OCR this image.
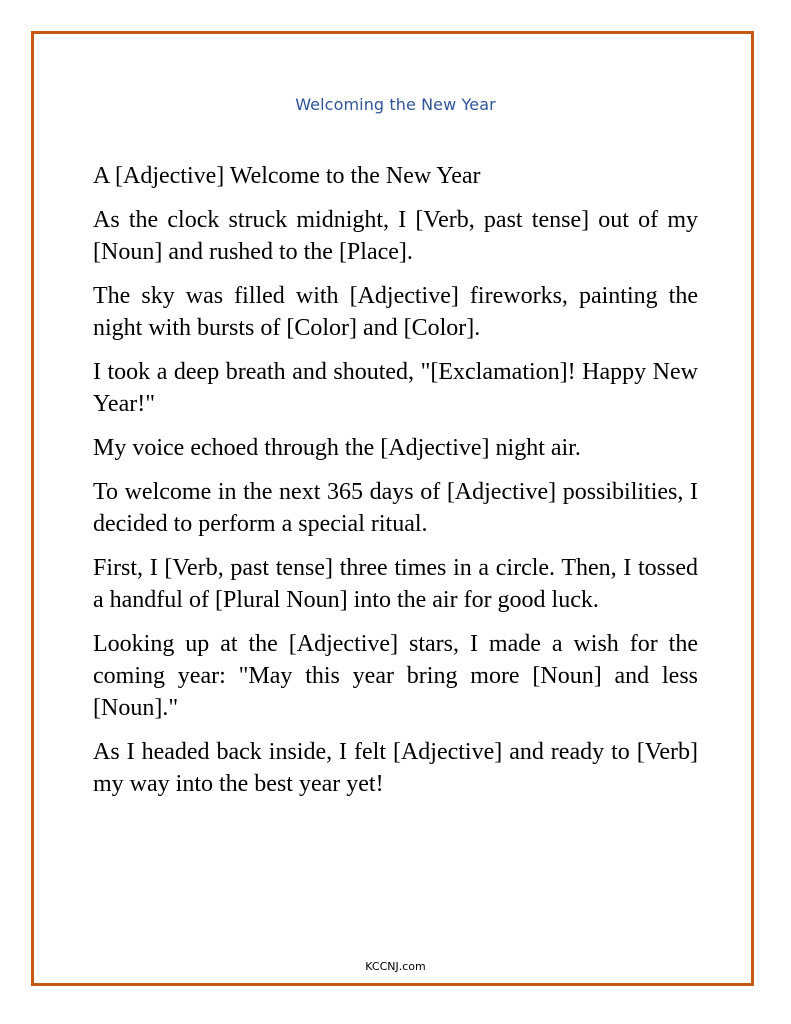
Welcoming the New Year

A [Adjective] Welcome to the New Year

As the clock struck midnight, I [Verb, past tense] out of my [Noun] and rushed to the [Place].

The sky was filled with [Adjective] fireworks, painting the night with bursts of [Color] and [Color].

I took a deep breath and shouted, "[Exclamation]! Happy New Year!"

My voice echoed through the [Adjective] night air.

To welcome in the next 365 days of [Adjective] possibilities, I decided to perform a special ritual.

First, I [Verb, past tense] three times in a circle. Then, I tossed a handful of [Plural Noun] into the air for good luck.

Looking up at the [Adjective] stars, I made a wish for the coming year: "May this year bring more [Noun] and less [Noun]."

As I headed back inside, I felt [Adjective] and ready to [Verb] my way into the best year yet!

KCCNJ.com
